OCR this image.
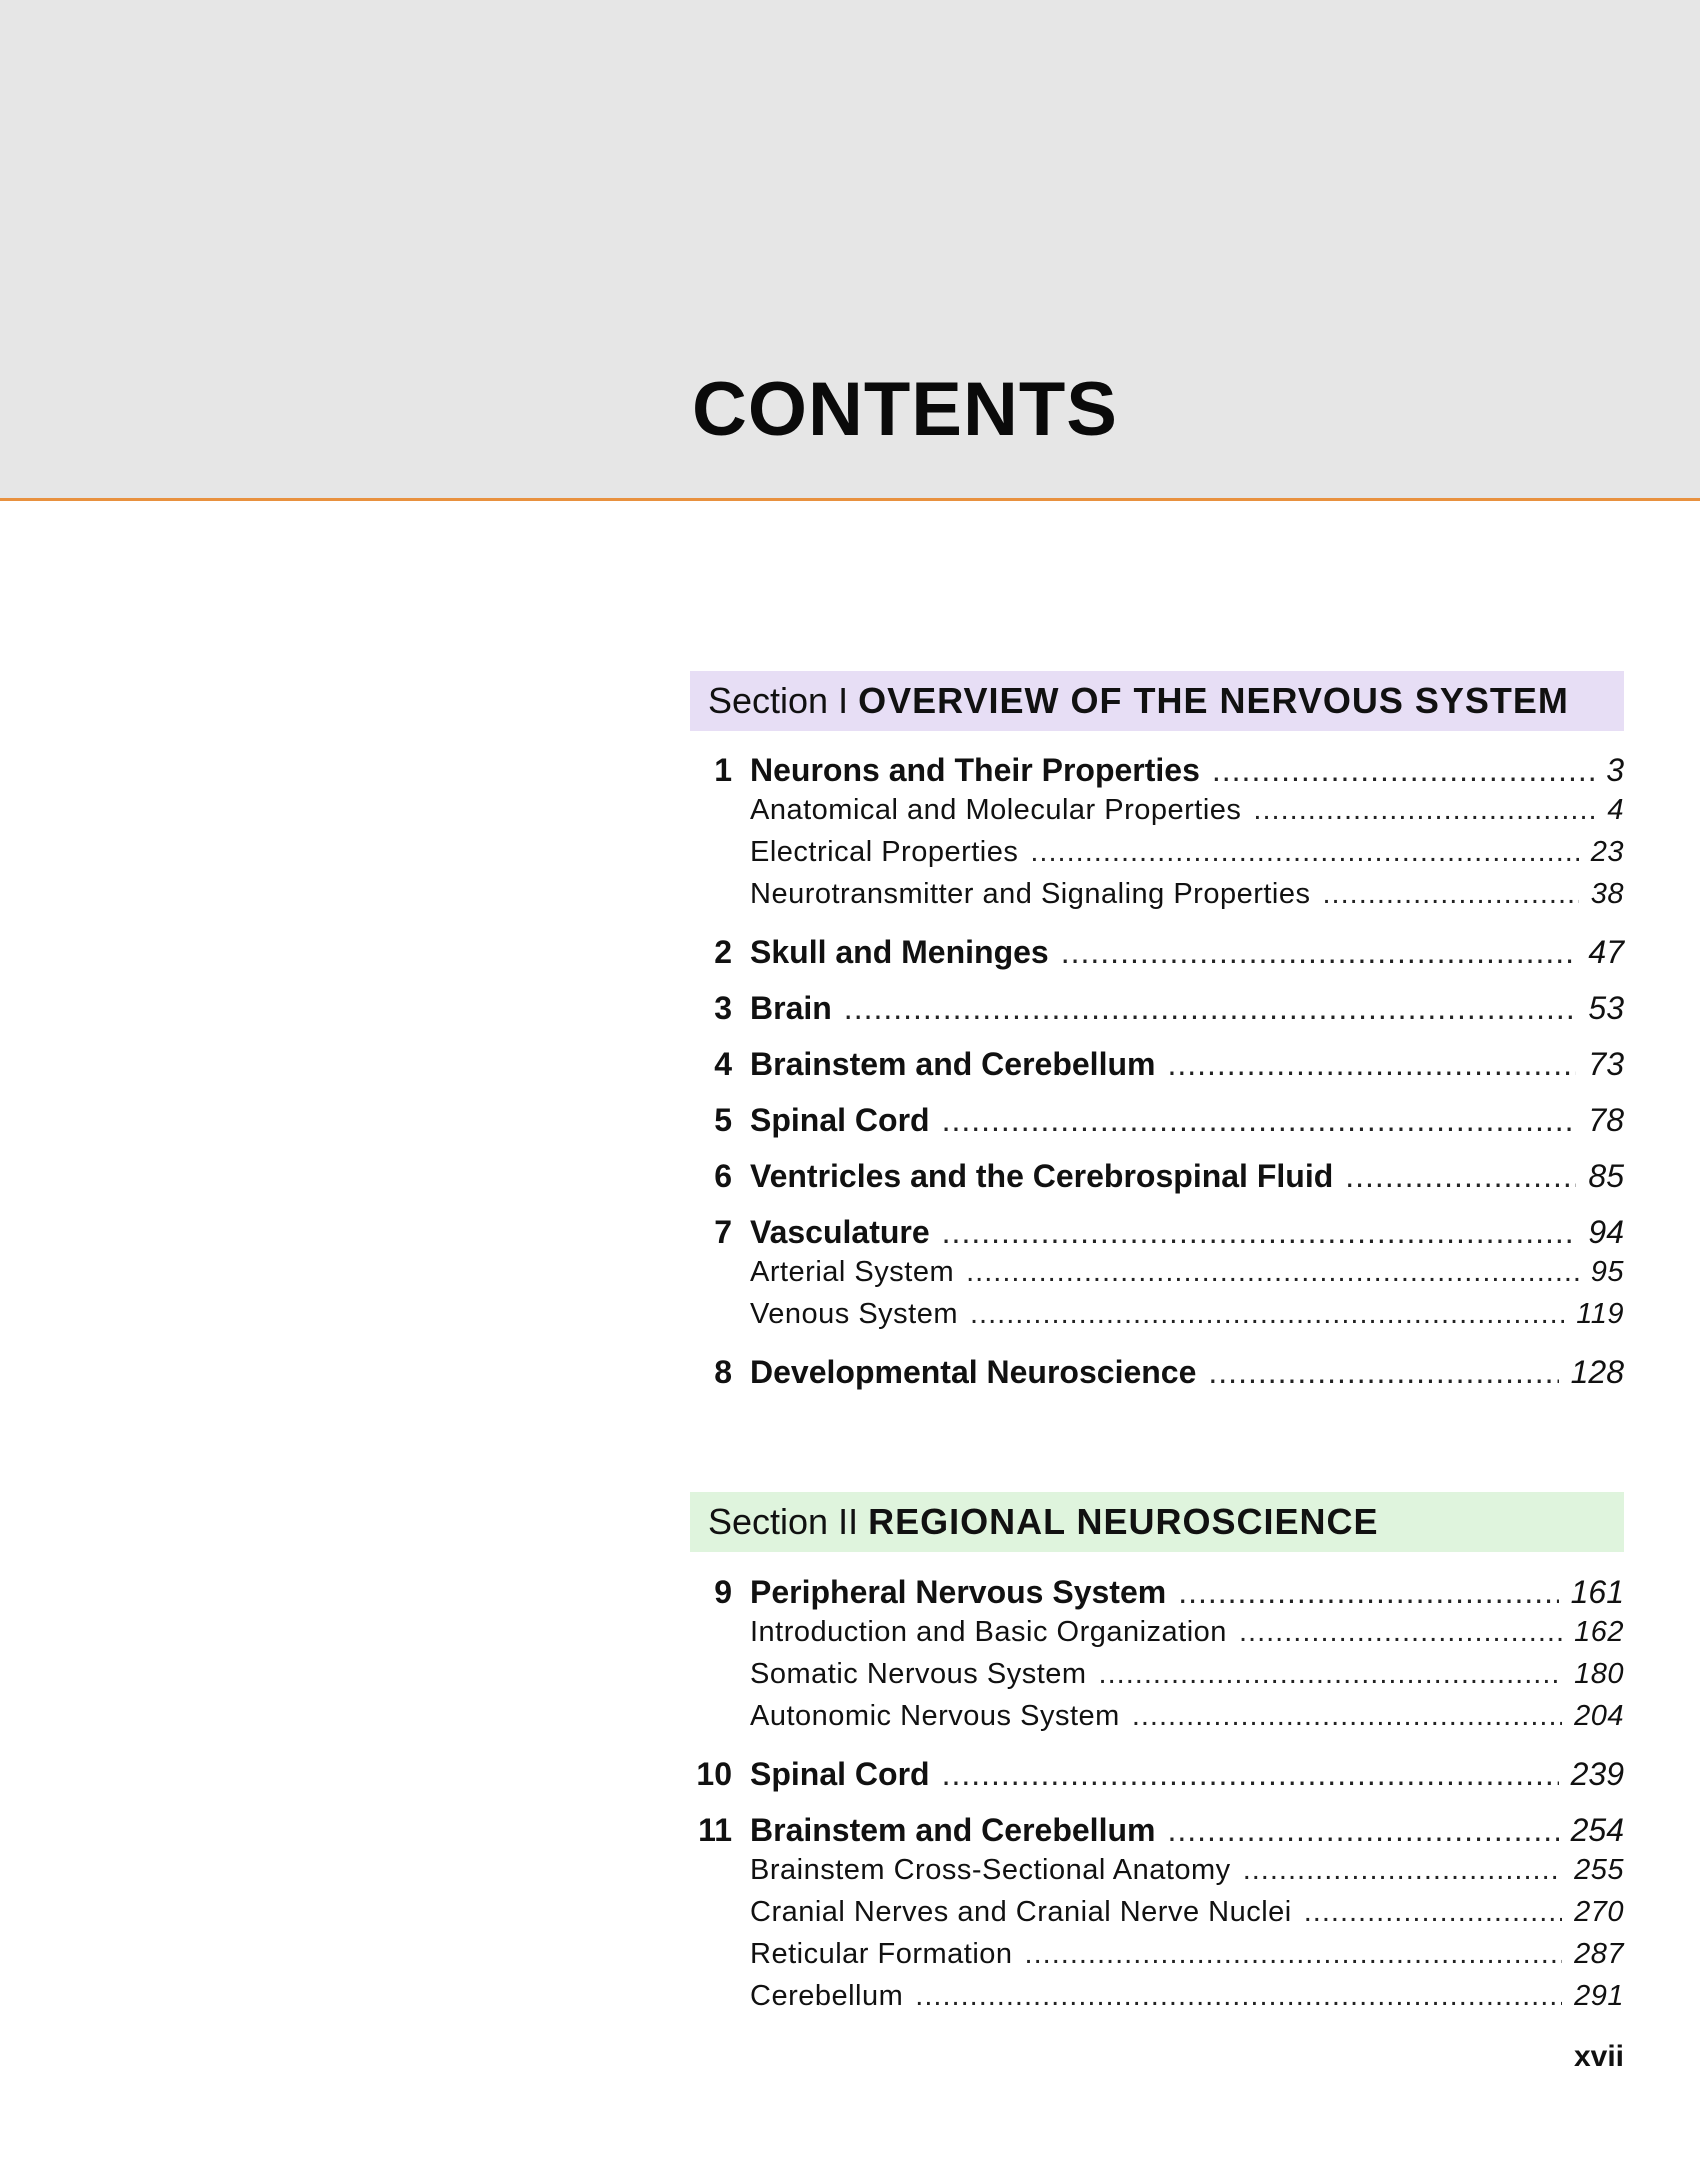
CONTENTS
Section I OVERVIEW OF THE NERVOUS SYSTEM
1 Neurons and Their Properties .....	3
Anatomical and Molecular Properties .....	4
Electrical Properties .....	23
Neurotransmitter and Signaling Properties .....	38
2 Skull and Meninges .....	47
3 Brain .....	53
4 Brainstem and Cerebellum .....	73
5 Spinal Cord .....	78
6 Ventricles and the Cerebrospinal Fluid .....	85
7 Vasculature .....	94
Arterial System .....	95
Venous System .....	119
8 Developmental Neuroscience .....	128
Section II REGIONAL NEUROSCIENCE
9 Peripheral Nervous System .....	161
Introduction and Basic Organization .....	162
Somatic Nervous System .....	180
Autonomic Nervous System .....	204
10 Spinal Cord .....	239
11 Brainstem and Cerebellum .....	254
Brainstem Cross-Sectional Anatomy .....	255
Cranial Nerves and Cranial Nerve Nuclei .....	270
Reticular Formation .....	287
Cerebellum .....	291

xvii
